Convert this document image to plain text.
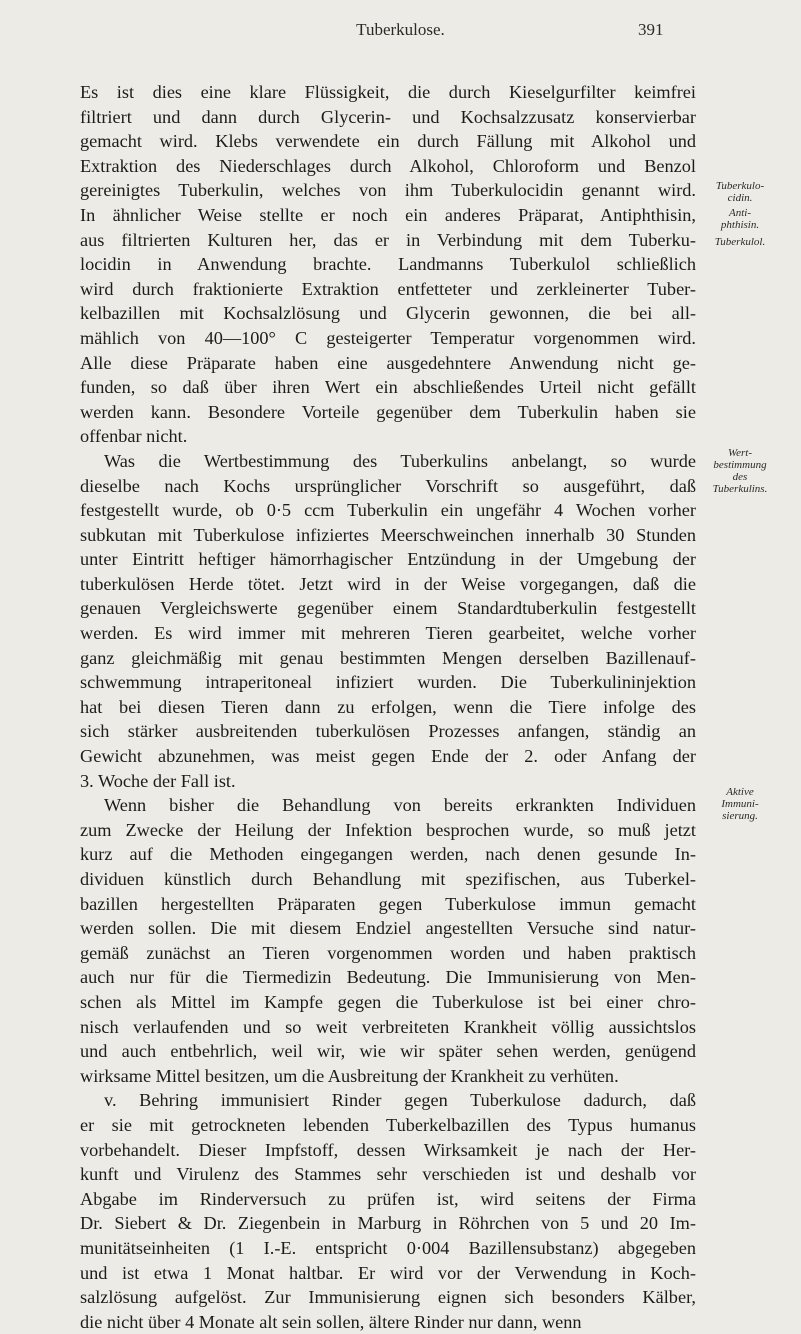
Tuberkulose.	391
Es ist dies eine klare Flüssigkeit, die durch Kieselgurfilter keimfrei
filtriert und dann durch Glycerin- und Kochsalzzusatz konservierbar
gemacht wird. Klebs verwendete ein durch Fällung mit Alkohol und
Extraktion des Niederschlages durch Alkohol, Chloroform und Benzol
gereinigtes Tuberkulin, welches von ihm Tuberkulocidin genannt wird.
In ähnlicher Weise stellte er noch ein anderes Präparat, Antiphthisin,
aus filtrierten Kulturen her, das er in Verbindung mit dem Tuberku-
locidin in Anwendung brachte. Landmanns Tuberkulol schließlich
wird durch fraktionierte Extraktion entfetteter und zerkleinerter Tuber-
kelbazillen mit Kochsalzlösung und Glycerin gewonnen, die bei all-
mählich von 40—100° C gesteigerter Temperatur vorgenommen wird.
Alle diese Präparate haben eine ausgedehntere Anwendung nicht ge-
funden, so daß über ihren Wert ein abschließendes Urteil nicht gefällt
werden kann. Besondere Vorteile gegenüber dem Tuberkulin haben sie
offenbar nicht.
Was die Wertbestimmung des Tuberkulins anbelangt, so wurde
dieselbe nach Kochs ursprünglicher Vorschrift so ausgeführt, daß
festgestellt wurde, ob 0·5 ccm Tuberkulin ein ungefähr 4 Wochen vorher
subkutan mit Tuberkulose infiziertes Meerschweinchen innerhalb 30 Stunden
unter Eintritt heftiger hämorrhagischer Entzündung in der Umgebung der
tuberkulösen Herde tötet. Jetzt wird in der Weise vorgegangen, daß die
genauen Vergleichswerte gegenüber einem Standardtuberkulin festgestellt
werden. Es wird immer mit mehreren Tieren gearbeitet, welche vorher
ganz gleichmäßig mit genau bestimmten Mengen derselben Bazillenauf-
schwemmung intraperitoneal infiziert wurden. Die Tuberkulininjektion
hat bei diesen Tieren dann zu erfolgen, wenn die Tiere infolge des
sich stärker ausbreitenden tuberkulösen Prozesses anfangen, ständig an
Gewicht abzunehmen, was meist gegen Ende der 2. oder Anfang der
3. Woche der Fall ist.
Wenn bisher die Behandlung von bereits erkrankten Individuen
zum Zwecke der Heilung der Infektion besprochen wurde, so muß jetzt
kurz auf die Methoden eingegangen werden, nach denen gesunde In-
dividuen künstlich durch Behandlung mit spezifischen, aus Tuberkel-
bazillen hergestellten Präparaten gegen Tuberkulose immun gemacht
werden sollen. Die mit diesem Endziel angestellten Versuche sind natur-
gemäß zunächst an Tieren vorgenommen worden und haben praktisch
auch nur für die Tiermedizin Bedeutung. Die Immunisierung von Men-
schen als Mittel im Kampfe gegen die Tuberkulose ist bei einer chro-
nisch verlaufenden und so weit verbreiteten Krankheit völlig aussichtslos
und auch entbehrlich, weil wir, wie wir später sehen werden, genügend
wirksame Mittel besitzen, um die Ausbreitung der Krankheit zu verhüten.
v. Behring immunisiert Rinder gegen Tuberkulose dadurch, daß
er sie mit getrockneten lebenden Tuberkelbazillen des Typus humanus
vorbehandelt. Dieser Impfstoff, dessen Wirksamkeit je nach der Her-
kunft und Virulenz des Stammes sehr verschieden ist und deshalb vor
Abgabe im Rinderversuch zu prüfen ist, wird seitens der Firma
Dr. Siebert & Dr. Ziegenbein in Marburg in Röhrchen von 5 und 20 Im-
munitätseinheiten (1 I.-E. entspricht 0·004 Bazillensubstanz) abgegeben
und ist etwa 1 Monat haltbar. Er wird vor der Verwendung in Koch-
salzlösung aufgelöst. Zur Immunisierung eignen sich besonders Kälber,
die nicht über 4 Monate alt sein sollen, ältere Rinder nur dann, wenn
Tuberkulo-
cidin.
Anti-
phthisin.
Tuberkulol.
Wert-
bestimmung
des
Tuberkulins.
Aktive
Immuni-
sierung.
